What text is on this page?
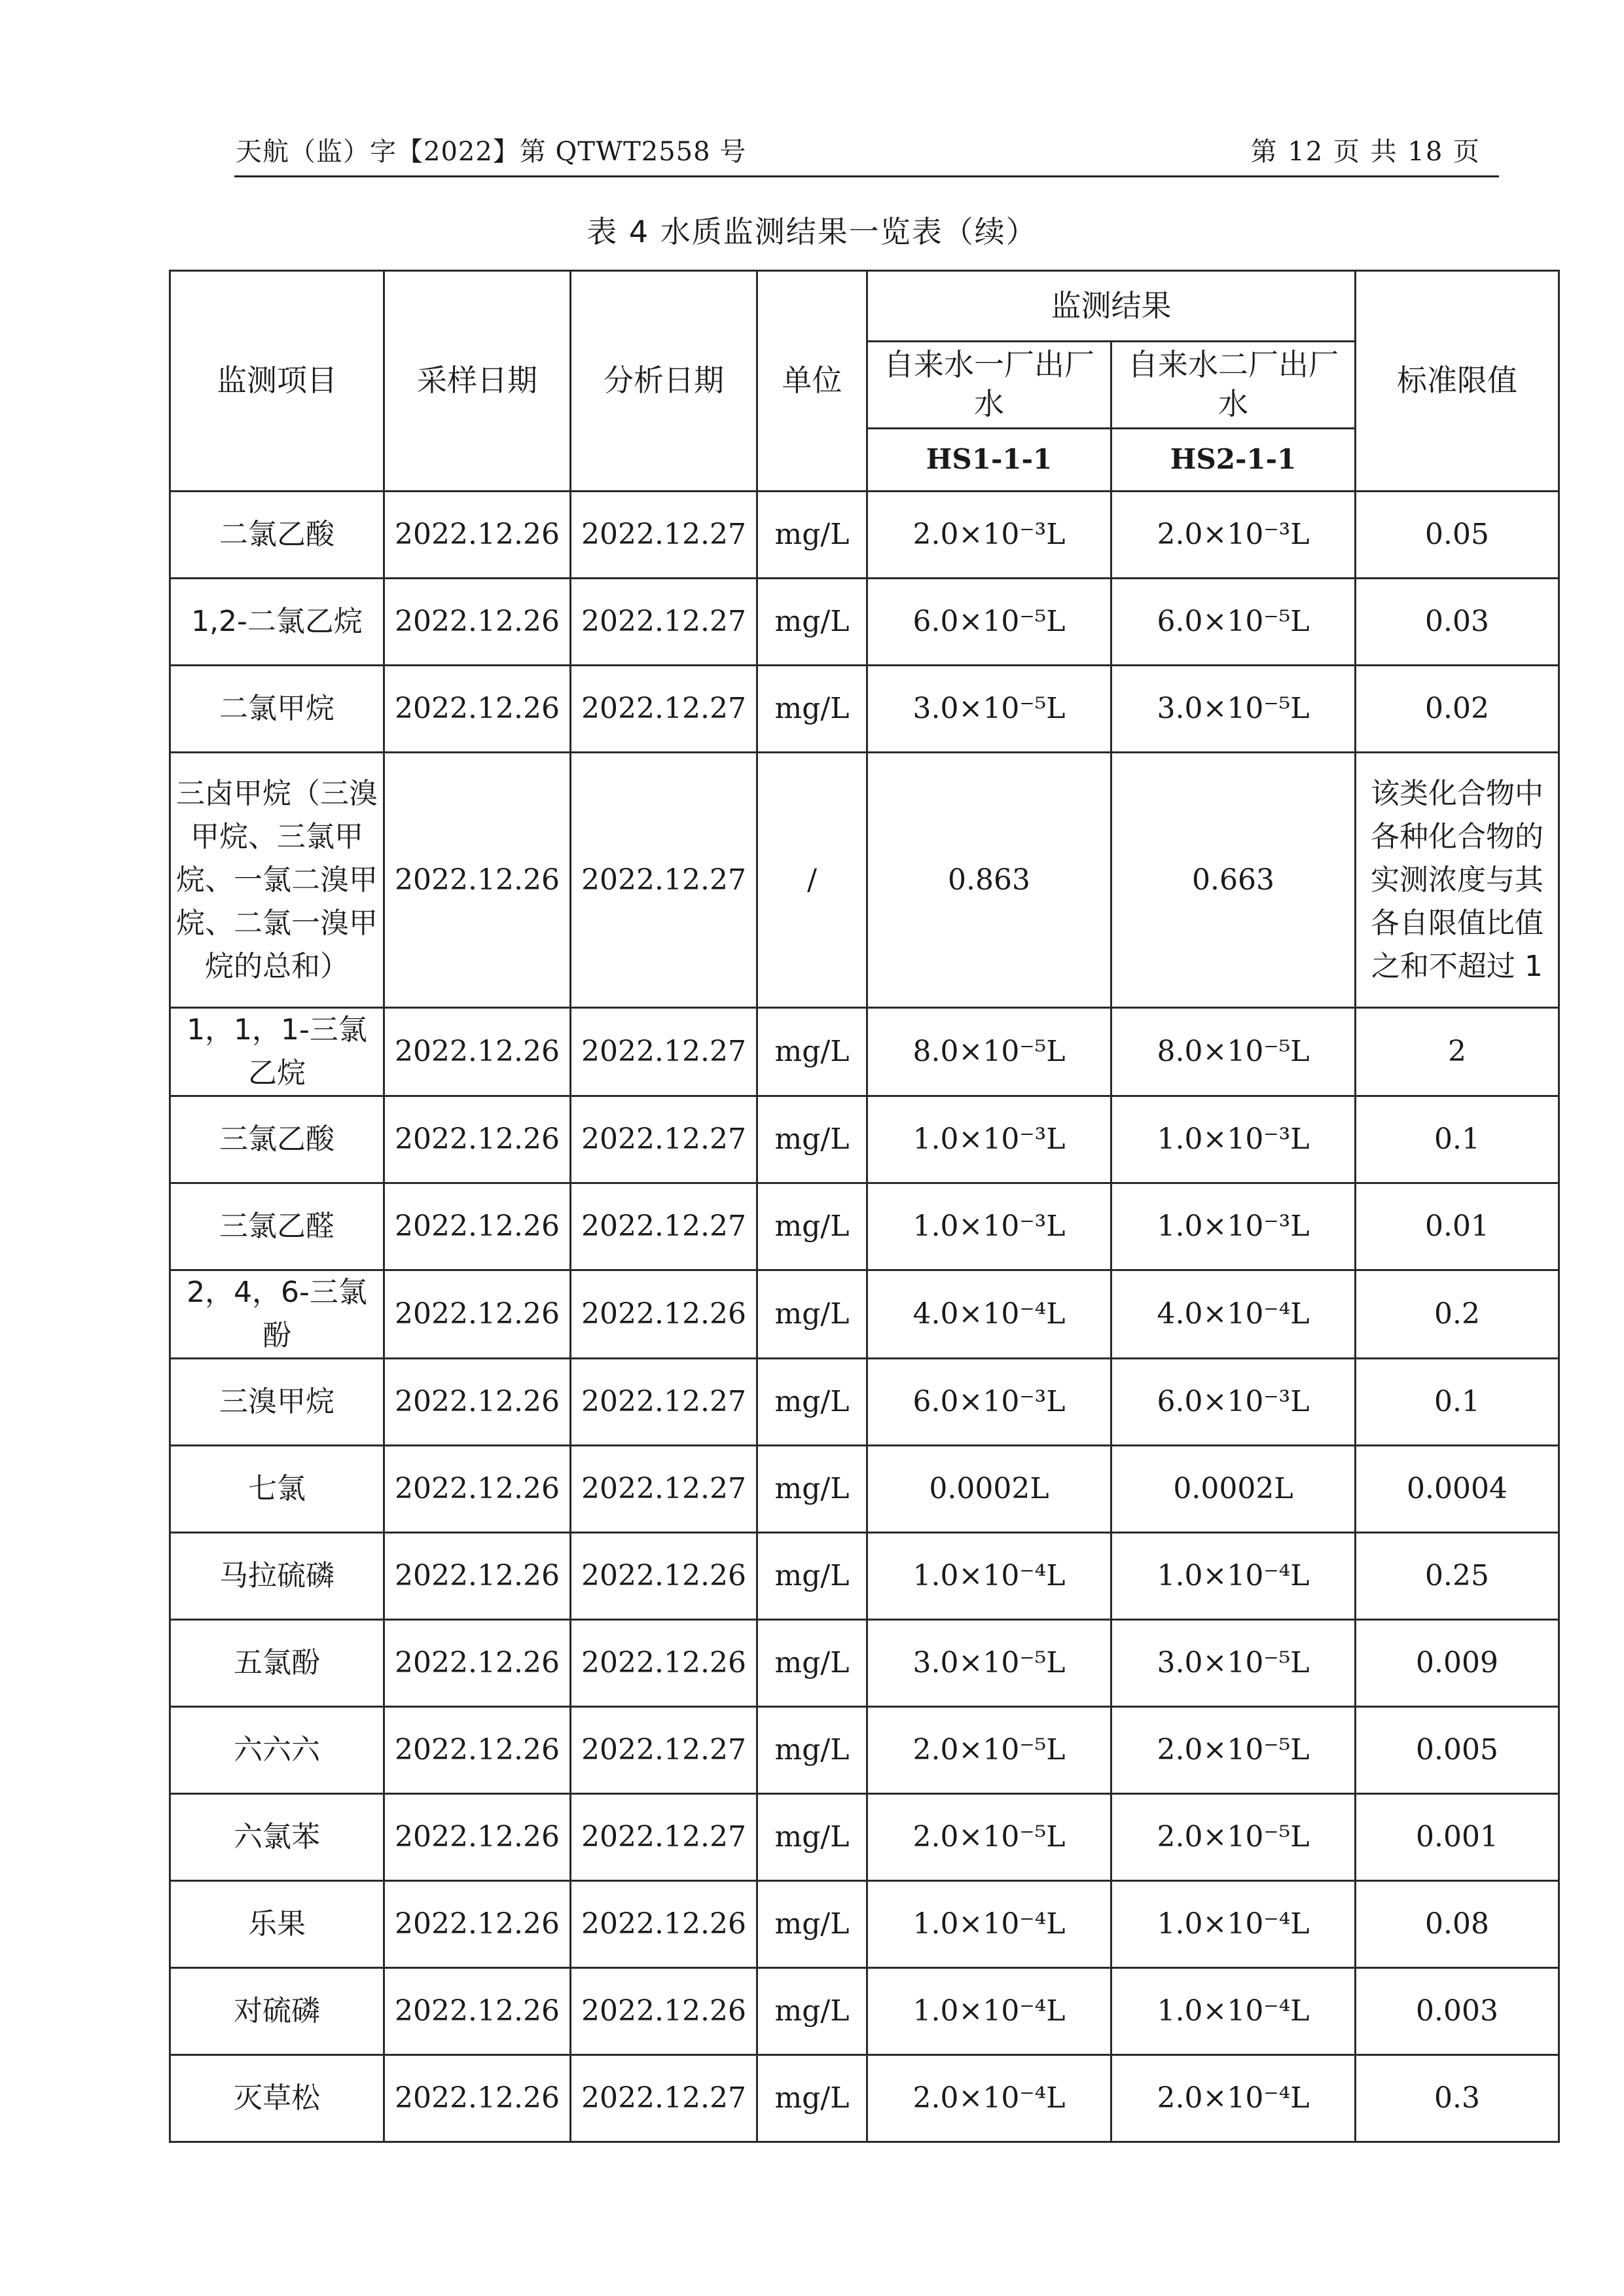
天航（监）字【2022】第 QTWT2558 号	第 12 页 共 18 页
表 4 水质监测结果一览表（续）
监测项目	采样日期	分析日期	单位	监测结果		标准限值
				自来水一厂出厂水	自来水二厂出厂水	
				HS1-1-1	HS2-1-1	
二氯乙酸	2022.12.26	2022.12.27	mg/L	2.0×10⁻³L	2.0×10⁻³L	0.05
1,2-二氯乙烷	2022.12.26	2022.12.27	mg/L	6.0×10⁻⁵L	6.0×10⁻⁵L	0.03
二氯甲烷	2022.12.26	2022.12.27	mg/L	3.0×10⁻⁵L	3.0×10⁻⁵L	0.02
三卤甲烷（三溴甲烷、三氯甲烷、一氯二溴甲烷、二氯一溴甲烷的总和）	2022.12.26	2022.12.27	/	0.863	0.663	该类化合物中各种化合物的实测浓度与其各自限值比值之和不超过 1
1，1，1-三氯乙烷	2022.12.26	2022.12.27	mg/L	8.0×10⁻⁵L	8.0×10⁻⁵L	2
三氯乙酸	2022.12.26	2022.12.27	mg/L	1.0×10⁻³L	1.0×10⁻³L	0.1
三氯乙醛	2022.12.26	2022.12.27	mg/L	1.0×10⁻³L	1.0×10⁻³L	0.01
2，4，6-三氯酚	2022.12.26	2022.12.26	mg/L	4.0×10⁻⁴L	4.0×10⁻⁴L	0.2
三溴甲烷	2022.12.26	2022.12.27	mg/L	6.0×10⁻³L	6.0×10⁻³L	0.1
七氯	2022.12.26	2022.12.27	mg/L	0.0002L	0.0002L	0.0004
马拉硫磷	2022.12.26	2022.12.26	mg/L	1.0×10⁻⁴L	1.0×10⁻⁴L	0.25
五氯酚	2022.12.26	2022.12.26	mg/L	3.0×10⁻⁵L	3.0×10⁻⁵L	0.009
六六六	2022.12.26	2022.12.27	mg/L	2.0×10⁻⁵L	2.0×10⁻⁵L	0.005
六氯苯	2022.12.26	2022.12.27	mg/L	2.0×10⁻⁵L	2.0×10⁻⁵L	0.001
乐果	2022.12.26	2022.12.26	mg/L	1.0×10⁻⁴L	1.0×10⁻⁴L	0.08
对硫磷	2022.12.26	2022.12.26	mg/L	1.0×10⁻⁴L	1.0×10⁻⁴L	0.003
灭草松	2022.12.26	2022.12.27	mg/L	2.0×10⁻⁴L	2.0×10⁻⁴L	0.3
